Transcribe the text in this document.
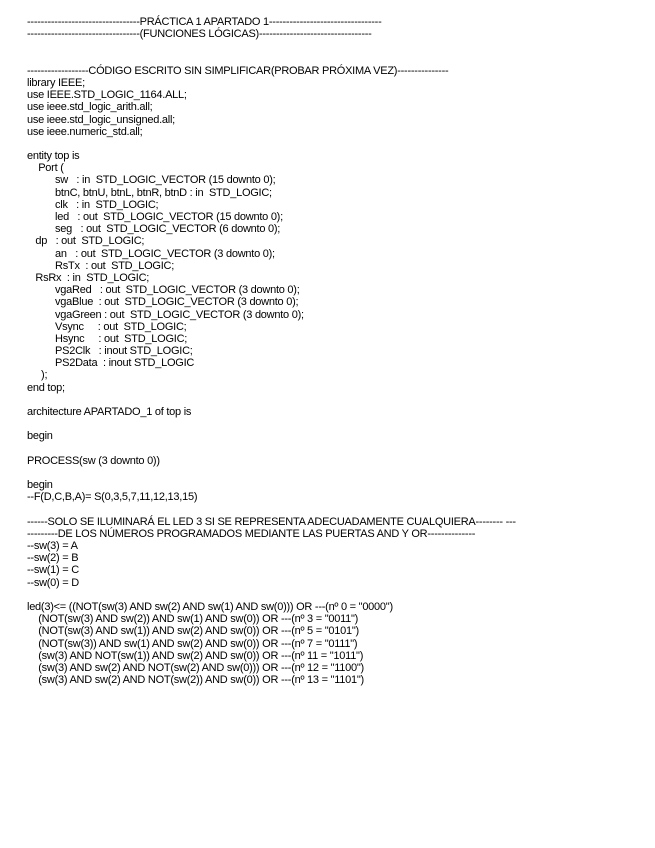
---------------------------------PRÁCTICA 1 APARTADO 1---------------------------------
---------------------------------(FUNCIONES LÓGICAS)---------------------------------
------------------CÓDIGO ESCRITO SIN SIMPLIFICAR(PROBAR PRÓXIMA VEZ)---------------
library IEEE;
use IEEE.STD_LOGIC_1164.ALL;
use ieee.std_logic_arith.all;
use ieee.std_logic_unsigned.all;
use ieee.numeric_std.all;
entity top is
Port (
sw   : in  STD_LOGIC_VECTOR (15 downto 0);
btnC, btnU, btnL, btnR, btnD : in  STD_LOGIC;
clk   : in  STD_LOGIC;
led   : out  STD_LOGIC_VECTOR (15 downto 0);
seg   : out  STD_LOGIC_VECTOR (6 downto 0);
dp   : out  STD_LOGIC;
an   : out  STD_LOGIC_VECTOR (3 downto 0);
RsTx  : out  STD_LOGIC;
RsRx  : in  STD_LOGIC;
vgaRed   : out  STD_LOGIC_VECTOR (3 downto 0);
vgaBlue  : out  STD_LOGIC_VECTOR (3 downto 0);
vgaGreen : out  STD_LOGIC_VECTOR (3 downto 0);
Vsync     : out  STD_LOGIC;
Hsync     : out  STD_LOGIC;
PS2Clk   : inout STD_LOGIC;
PS2Data  : inout STD_LOGIC
);
end top;
architecture APARTADO_1 of top is
begin
PROCESS(sw (3 downto 0))
begin
--F(D,C,B,A)= S(0,3,5,7,11,12,13,15)
------SOLO SE ILUMINARÁ EL LED 3 SI SE REPRESENTA ADECUADAMENTE CUALQUIERA-------- ---
---------DE LOS NÚMEROS PROGRAMADOS MEDIANTE LAS PUERTAS AND Y OR--------------
--sw(3) = A
--sw(2) = B
--sw(1) = C
--sw(0) = D
led(3)<= ((NOT(sw(3) AND sw(2) AND sw(1) AND sw(0))) OR ---(nº 0 = "0000")
(NOT(sw(3) AND sw(2)) AND sw(1) AND sw(0)) OR ---(nº 3 = "0011")
(NOT(sw(3) AND sw(1)) AND sw(2) AND sw(0)) OR ---(nº 5 = "0101")
(NOT(sw(3)) AND sw(1) AND sw(2) AND sw(0)) OR ---(nº 7 = "0111")
(sw(3) AND NOT(sw(1)) AND sw(2) AND sw(0)) OR ---(nº 11 = "1011")
(sw(3) AND sw(2) AND NOT(sw(2) AND sw(0))) OR ---(nº 12 = "1100")
(sw(3) AND sw(2) AND NOT(sw(2)) AND sw(0)) OR ---(nº 13 = "1101")
